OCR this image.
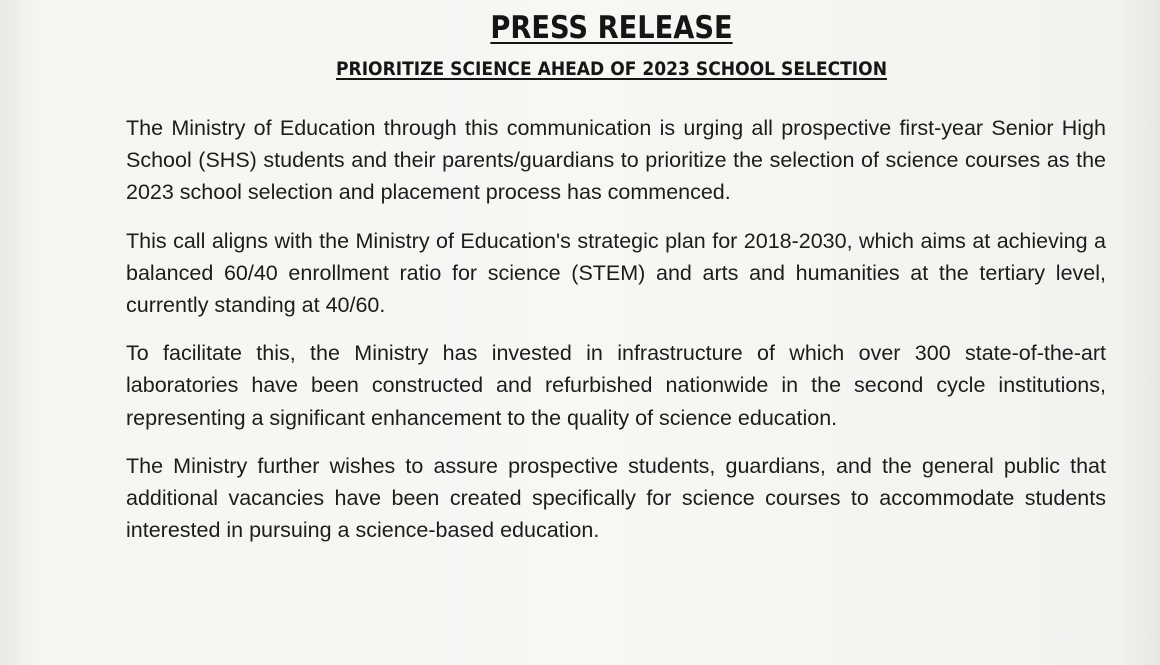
PRESS RELEASE
PRIORITIZE SCIENCE AHEAD OF 2023 SCHOOL SELECTION

The Ministry of Education through this communication is urging all prospective first-year Senior High School (SHS) students and their parents/guardians to prioritize the selection of science courses as the 2023 school selection and placement process has commenced.

This call aligns with the Ministry of Education's strategic plan for 2018-2030, which aims at achieving a balanced 60/40 enrollment ratio for science (STEM) and arts and humanities at the tertiary level, currently standing at 40/60.

To facilitate this, the Ministry has invested in infrastructure of which over 300 state-of-the-art laboratories have been constructed and refurbished nationwide in the second cycle institutions, representing a significant enhancement to the quality of science education.

The Ministry further wishes to assure prospective students, guardians, and the general public that additional vacancies have been created specifically for science courses to accommodate students interested in pursuing a science-based education.
